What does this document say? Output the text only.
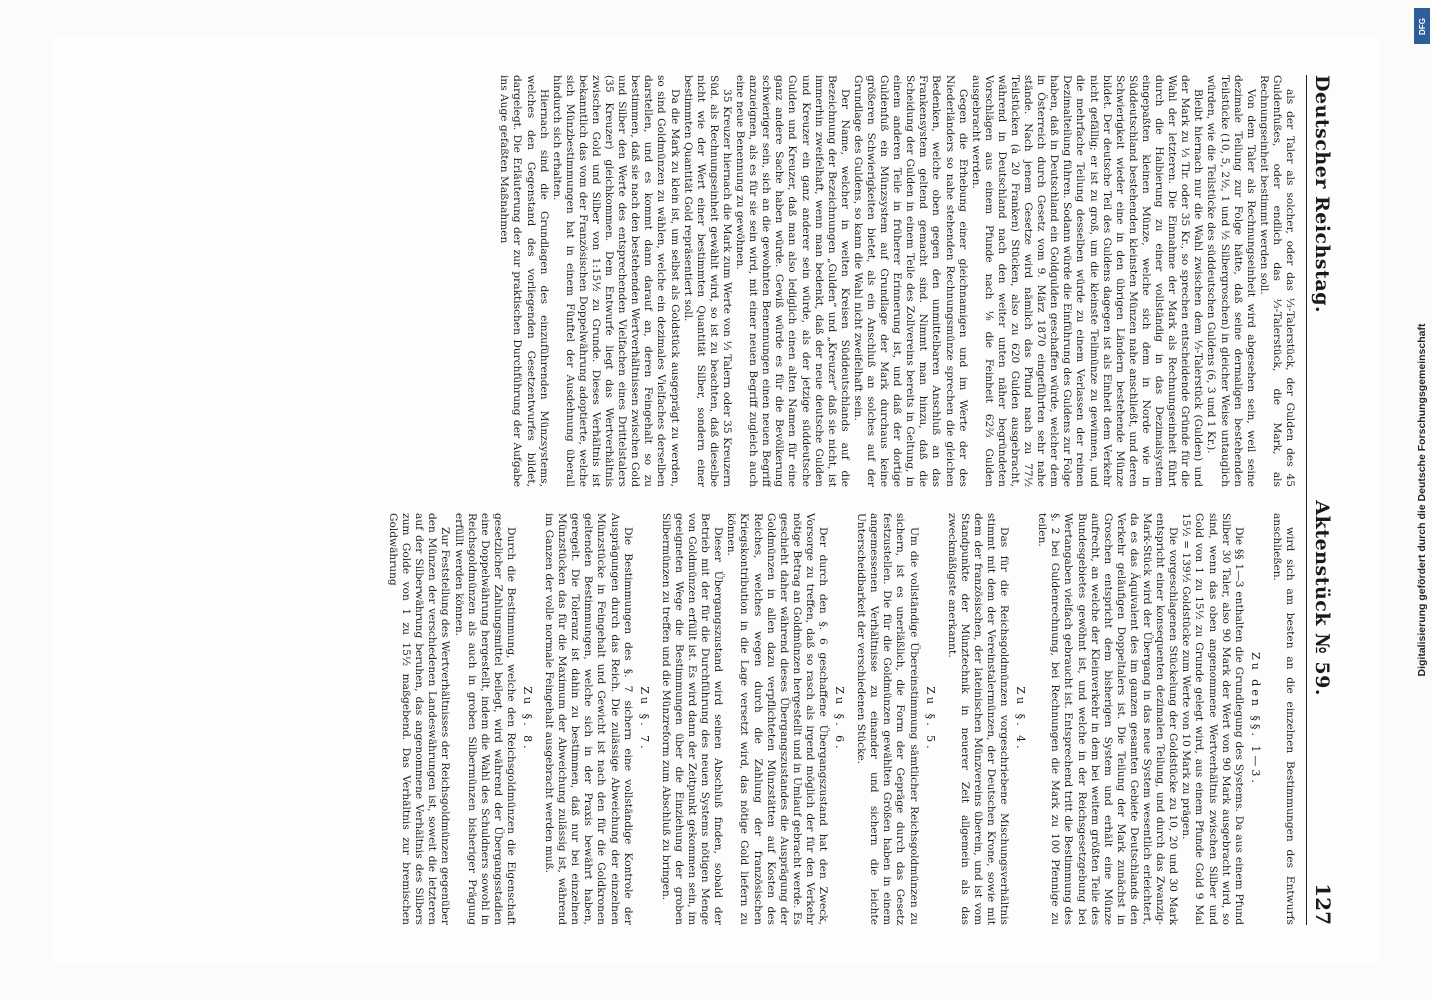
Deutscher Reichstag.
Aktenstück № 59.
127

als der Taler als solcher, oder das ⅓-Talerstück, der Gulden des 45 Guldenfußes, oder endlich das ⅓-Talerstück, die Mark, als Rechnungseinheit bestimmt werden soll.

Von dem Taler als Rechnungseinheit wird abgesehen sein, weil seine dezimale Teilung zur Folge hätte, daß seine dermaligen bestehenden Teilstücke (10, 5, 2½, 1 und ½ Silbergroschen) in gleicher Weise untauglich würden, wie die Teilstücke des süddeutschen Guldens (6, 3 und 1 Kr.).

Bleibt hiernach nur die Wahl zwischen dem ⅓-Talerstück (Gulden) und der Mark zu ⅓ Tlr. oder 35 Kr., so sprechen entscheidende Gründe für die Wahl der letzteren. Die Einnahme der Mark als Rechnungseinheit führt durch die Halbierung zu einer vollständig in das Dezimalsystem eingepaßten kleinen Münze, welche sich dem in Norde wie in Süddeutschland bestehenden kleinsten Münzen nahe anschließt, und deren Schwierigkeit wieder eine in den übrigen Ländern bestehende Münze bildet. Der deutsche Teil des Guldens dagegen ist als Einheit dem Verkehr nicht gefällig; er ist zu groß, um die kleinste Teilmünze zu gewinnen, und die mehrfache Teilung desselben würde zu einem Verlassen der reinen Dezimalteilung führen. Sodann würde die Einführung des Guldens zur Folge haben, daß in Deutschland ein Goldgulden geschaffen würde, welcher dem in Österreich durch Gesetz vom 9. März 1870 eingeführten sehr nahe stände. Nach jenem Gesetze wird nämlich das Pfund nach zu 77½ Teilstücken (à 20 Franken) Stücken, also zu 620 Gulden ausgebracht, während in Deutschland nach den weiter unten näher begründeten Vorschlägen aus einem Pfunde nach ⅛ die Feinheit 62⅔ Gulden ausgebracht werden.

Gegen die Erhebung einer gleichnamigen und im Werte der des Niederländers so nahe stehenden Rechnungsmünze sprechen die gleichen Bedenken, welche oben gegen den unmittelbaren Anschluß an das Frankensystem geltend gemacht sind. Nimmt man hinzu, daß die Scheidung der Gulden in einem Teile des Zollvereins bereits in Geltung, in einem anderen Teile in früherer Erinnerung ist, und daß der dortige Guldenfuß ein Münzsystem auf Grundlage der Mark durchaus keine größeren Schwierigkeiten bietet, als ein Anschluß an solches auf der Grundlage des Guldens, so kann die Wahl nicht zweifelhaft sein.

Der Name, welcher in weiten Kreisen Süddeutschlands auf die Bezeichnung der Bezeichnungen „Gulden“ und „Kreuzer“ daß sie nicht, ist immerhin zweifelhaft, wenn man bedenkt, daß der neue deutsche Gulden und Kreuzer ein ganz anderer sein würde, als der jetzige süddeutsche Gulden und Kreuzer, daß man also lediglich einen alten Namen für eine ganz andere Sache haben würde. Gewiß würde es für die Bevölkerung schwieriger sein, sich an die gewohnten Benennungen einen neuen Begriff anzueignen, als es für sie sein wird, mit einer neuen Begriff zugleich auch eine neue Benennung zu gewöhnen.

35 Kreuzer hiernach die Mark zum Werte von ⅓ Talern oder 35 Kreuzern Süd. als Rechnungseinheit gewählt wird, so ist zu beachten, daß dieselbe nicht wie der Wert einer bestimmten Quantität Silber, sondern einer bestimmten Quantität Gold repräsentiert soll.

Da die Mark zu klein ist, um selbst als Goldstück ausgeprägt zu werden, so sind Goldmünzen zu wählen, welche ein dezimales Vielfaches derselben darstellen, und es kommt dann darauf an, deren Feingehalt so zu bestimmen, daß sie nach den bestehenden Wertverhältnissen zwischen Gold und Silber den Werte des entsprechenden Vielfachen eines Drittelstalers (35 Kreuzer) gleichkommen. Dem Entwurfe liegt das Wertverhältnis zwischen Gold und Silber von 1:15½ zu Grunde. Dieses Verhältnis ist bekanntlich das vom der Französischen Doppelwährung adoptierte, welche sich Münzbestimmungen hat in einem Fünftel der Ausdehnung überall hindurch sich erhalten.

Hiernach sind die Grundlagen des einzuführenden Münzsystems, welches den Gegenstand des vorliegenden Gesetzentwurfes bildet, dargelegt. Die Erläuterung der zur praktischen Durchführung der Aufgabe ins Auge gefaßten Maßnahmen

wird sich am besten an die einzelnen Bestimmungen des Entwurfs anschließen.

Zu den §§. 1—3.

Die §§ 1—3 enthalten die Grundlegung des Systems. Da aus einem Pfund Silber 30 Taler, also 90 Mark der Wert von 90 Mark ausgebracht wird, so sind, wenn das oben angenommene Wertverhältnis zwischen Silber und Gold von 1 zu 15½ zu Grunde gelegt wird, aus einem Pfunde Gold 9 Mal 15½ = 139½ Goldstücke zum Werte von 10 Mark zu prägen.

Die vorgeschlagenen Stückelung der Goldstücke zu 10, 20 und 30 Mark entspricht einer konsequenten dezimalen Teilung, und durch das Zwanzig-Mark-Stück wird der Übergang in das neue System wesentlich erleichtert, da es das Äquivalent des im ganzen gesamten Gebiete Deutschlands den Verkehr geläufigen Doppeltalers ist. Die Teilung der Mark zunächst in Groschen entspricht dem bisherigen System und erhält eine Münze aufrecht, an welche der Kleinverkehr in dem bei weitem größten Teile des Bundesgebietes gewöhnt ist, und welche in der Reichsgesetzgebung bei Wertangaben vielfach gebraucht ist. Entsprechend tritt die Bestimmung des §. 2 bei Guldenrechnung, bei Rechnungen die Mark zu 100 Pfennige zu teilen.

Zu §. 4.

Das für die Reichsgoldmünzen vorgeschriebene Mischungsverhältnis stimmt mit dem der Vereinstalermünzen, der Deutschen Krone, sowie mit dem der französischen, der lateinischen Münzvereins überein, und ist vom Standpunkte der Münztechnik in neuerer Zeit allgemein als das zweckmäßigste anerkannt.

Zu §. 5.

Um die vollständige Übereinstimmung sämtlicher Reichsgoldmünzen zu sichern, ist es unerläßlich, die Form der Gepräge durch das Gesetz festzustellen. Die für die Goldmünzen gewählten Größen haben in einem angemessenen Verhältnisse zu einander und sichern die leichte Unterscheidbarkeit der verschiedenen Stücke.

Zu §. 6.

Der durch den §. 6 geschaffene Übergangszustand hat den Zweck, Vorsorge zu treffen, daß so rasch als irgend möglich der für den Verkehr nötige Betrag an Goldmünzen hergestellt und in Umlauf gebracht werde. Es geschieht daher während dieses Übergangszustandes die Ausprägung der Goldmünzen in allen dazu verpflichteten Münzstätten auf Kosten des Reiches, welches wegen durch die Zahlung der französischen Kriegskontribution in die Lage versetzt wird, das nötige Gold liefern zu können.

Dieser Übergangszustand wird seinen Abschluß finden, sobald der Betrieb mit der für die Durchführung des neuen Systems nötigen Menge von Goldmünzen erfüllt ist. Es wird dann der Zeitpunkt gekommen sein, im geeigneten Wege die Bestimmungen über die Einziehung der groben Silbermünzen zu treffen und die Münzreform zum Abschluß zu bringen.

Zu §. 7.

Die Bestimmungen des §. 7 sichern eine vollständige Kontrole der Ausprägungen durch das Reich. Die zulässige Abweichung der einzelnen Münzstücke in Feingehalt und Gewicht ist nach den für die Goldkronen geltenden Bestimmungen, welche sich in der Praxis bewährt haben, geregelt. Die Toleranz ist dahin zu bestimmen, daß nur bei einzelnen Münzstücken das für die Maximum der Abweichung zulässig ist, während im Ganzen der volle normale Feingehalt ausgebracht werden muß.

Zu §. 8.

Durch die Bestimmung, welche den Reichsgoldmünzen die Eigenschaft gesetzlicher Zahlungsmittel beilegt, wird während der Übergangsstadien eine Doppelwährung hergestellt, indem die Wahl des Schuldners sowohl in Reichsgoldmünzen als auch in groben Silbermünzen bisheriger Prägung erfüllt werden können.

Zur Feststellung des Wertverhältnisses der Reichsgoldmünzen gegenüber den Münzen der verschiedenen Landeswährungen ist, soweit die letzteren auf der Silberwährung beruhen, das angenommene Verhältnis des Silbers zum Golde von 1 zu 15½ maßgebend. Das Verhältnis zur bremischen Goldwährung

DFG
Digitalisierung gefördert durch die Deutsche Forschungsgemeinschaft
